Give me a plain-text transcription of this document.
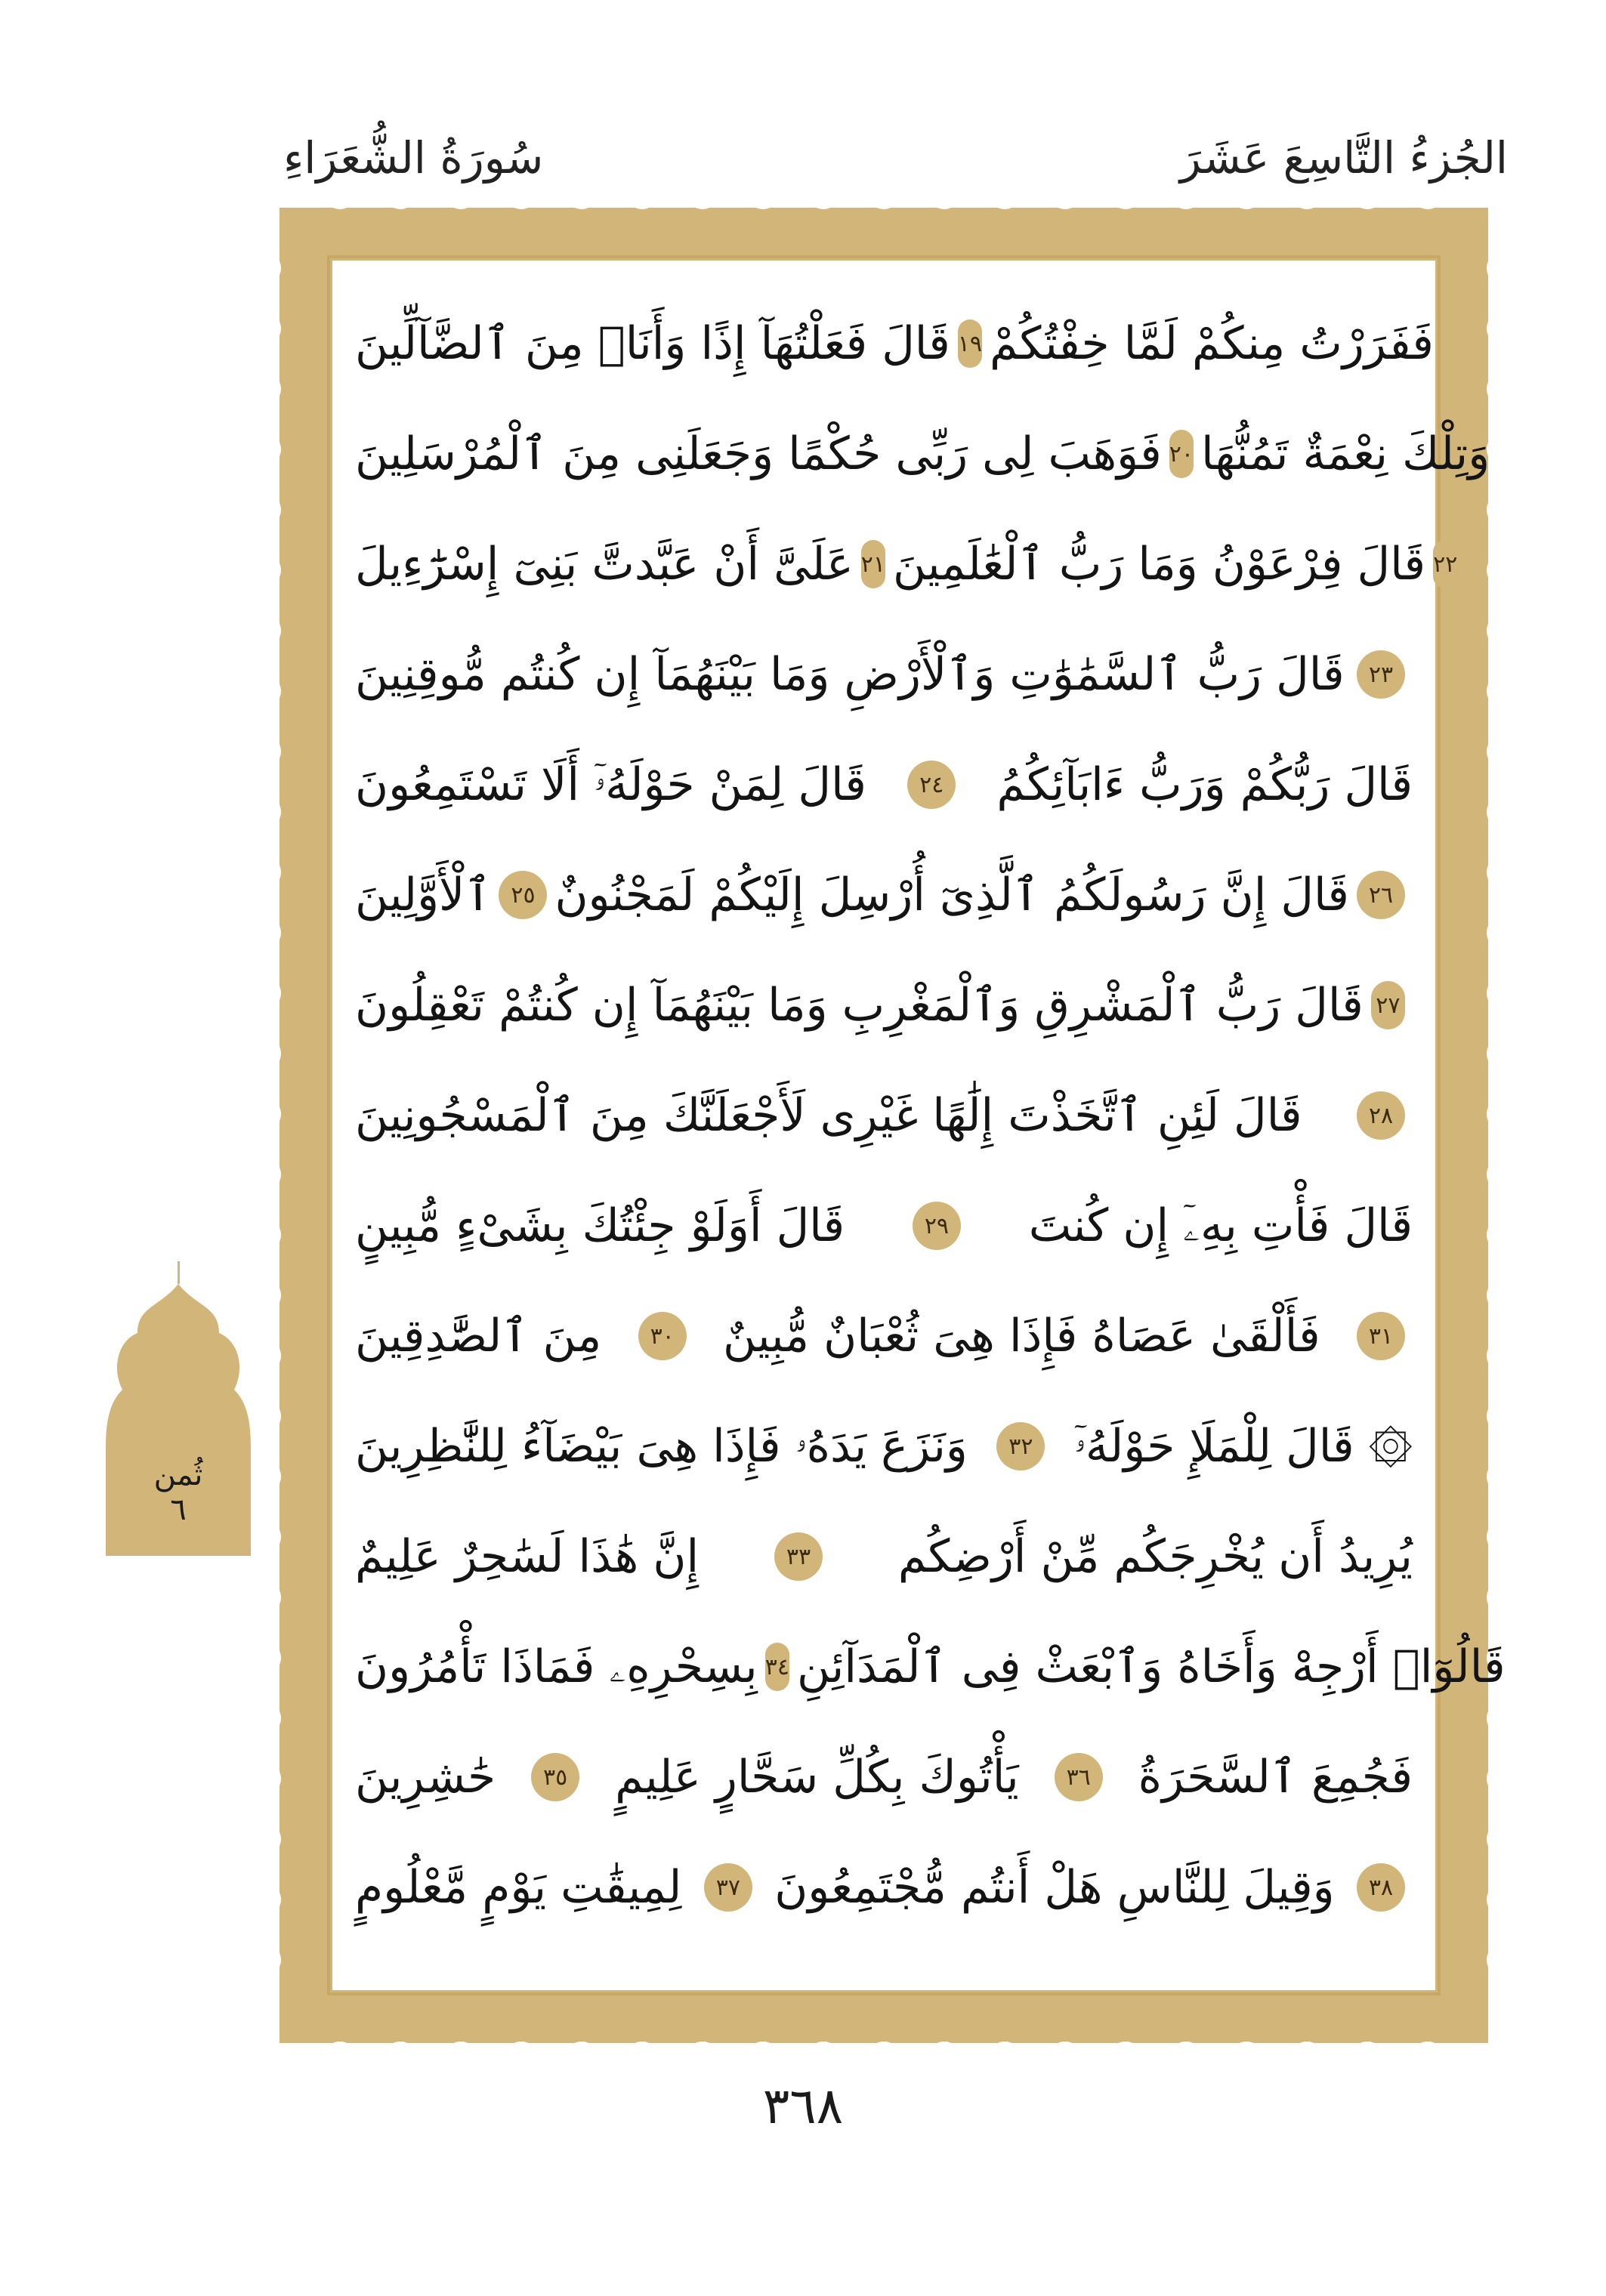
الجُزءُ التَّاسِعَ عَشَرَ
سُورَةُ الشُّعَرَاءِ
قَالَ فَعَلْتُهَآ إِذًا وَأَنَا۠ مِنَ ٱلضَّآلِّينَ ١٩ فَفَرَرْتُ مِنكُمْ لَمَّا خِفْتُكُمْ
فَوَهَبَ لِى رَبِّى حُكْمًا وَجَعَلَنِى مِنَ ٱلْمُرْسَلِينَ ٢٠ وَتِلْكَ نِعْمَةٌ تَمُنُّهَا
عَلَىَّ أَنْ عَبَّدتَّ بَنِىٓ إِسْرَٰٓءِيلَ ٢١ قَالَ فِرْعَوْنُ وَمَا رَبُّ ٱلْعَٰلَمِينَ ٢٢
قَالَ رَبُّ ٱلسَّمَٰوَٰتِ وَٱلْأَرْضِ وَمَا بَيْنَهُمَآ إِن كُنتُم مُّوقِنِينَ	٢٣
قَالَ لِمَنْ حَوْلَهُۥٓ أَلَا تَسْتَمِعُونَ	٢٤ قَالَ رَبُّكُمْ وَرَبُّ ءَابَآئِكُمُ
ٱلْأَوَّلِينَ ٢٥ قَالَ إِنَّ رَسُولَكُمُ ٱلَّذِىٓ أُرْسِلَ إِلَيْكُمْ لَمَجْنُونٌ ٢٦
قَالَ رَبُّ ٱلْمَشْرِقِ وَٱلْمَغْرِبِ وَمَا بَيْنَهُمَآ إِن كُنتُمْ تَعْقِلُونَ ٢٧
قَالَ لَئِنِ ٱتَّخَذْتَ إِلَٰهًا غَيْرِى لَأَجْعَلَنَّكَ مِنَ ٱلْمَسْجُونِينَ	٢٨
قَالَ أَوَلَوْ جِئْتُكَ بِشَىْءٍ مُّبِينٍ	٢٩ قَالَ فَأْتِ بِهِۦٓ إِن كُنتَ
مِنَ ٱلصَّٰدِقِينَ	٣٠ فَأَلْقَىٰ عَصَاهُ فَإِذَا هِىَ ثُعْبَانٌ مُّبِينٌ	٣١
وَنَزَعَ يَدَهُۥ فَإِذَا هِىَ بَيْضَآءُ لِلنَّٰظِرِينَ	٣٢ ۞ قَالَ لِلْمَلَإِ حَوْلَهُۥٓ
إِنَّ هَٰذَا لَسَٰحِرٌ عَلِيمٌ	٣٣ يُرِيدُ أَن يُخْرِجَكُم مِّنْ أَرْضِكُم
بِسِحْرِهِۦ فَمَاذَا تَأْمُرُونَ ٣٤ قَالُوٓا۟ أَرْجِهْ وَأَخَاهُ وَٱبْعَثْ فِى ٱلْمَدَآئِنِ
حَٰشِرِينَ	٣٥ يَأْتُوكَ بِكُلِّ سَحَّارٍ عَلِيمٍ	٣٦ فَجُمِعَ ٱلسَّحَرَةُ
لِمِيقَٰتِ يَوْمٍ مَّعْلُومٍ	٣٧ وَقِيلَ لِلنَّاسِ هَلْ أَنتُم مُّجْتَمِعُونَ	٣٨
ثُمن
٦
٣٦٨
